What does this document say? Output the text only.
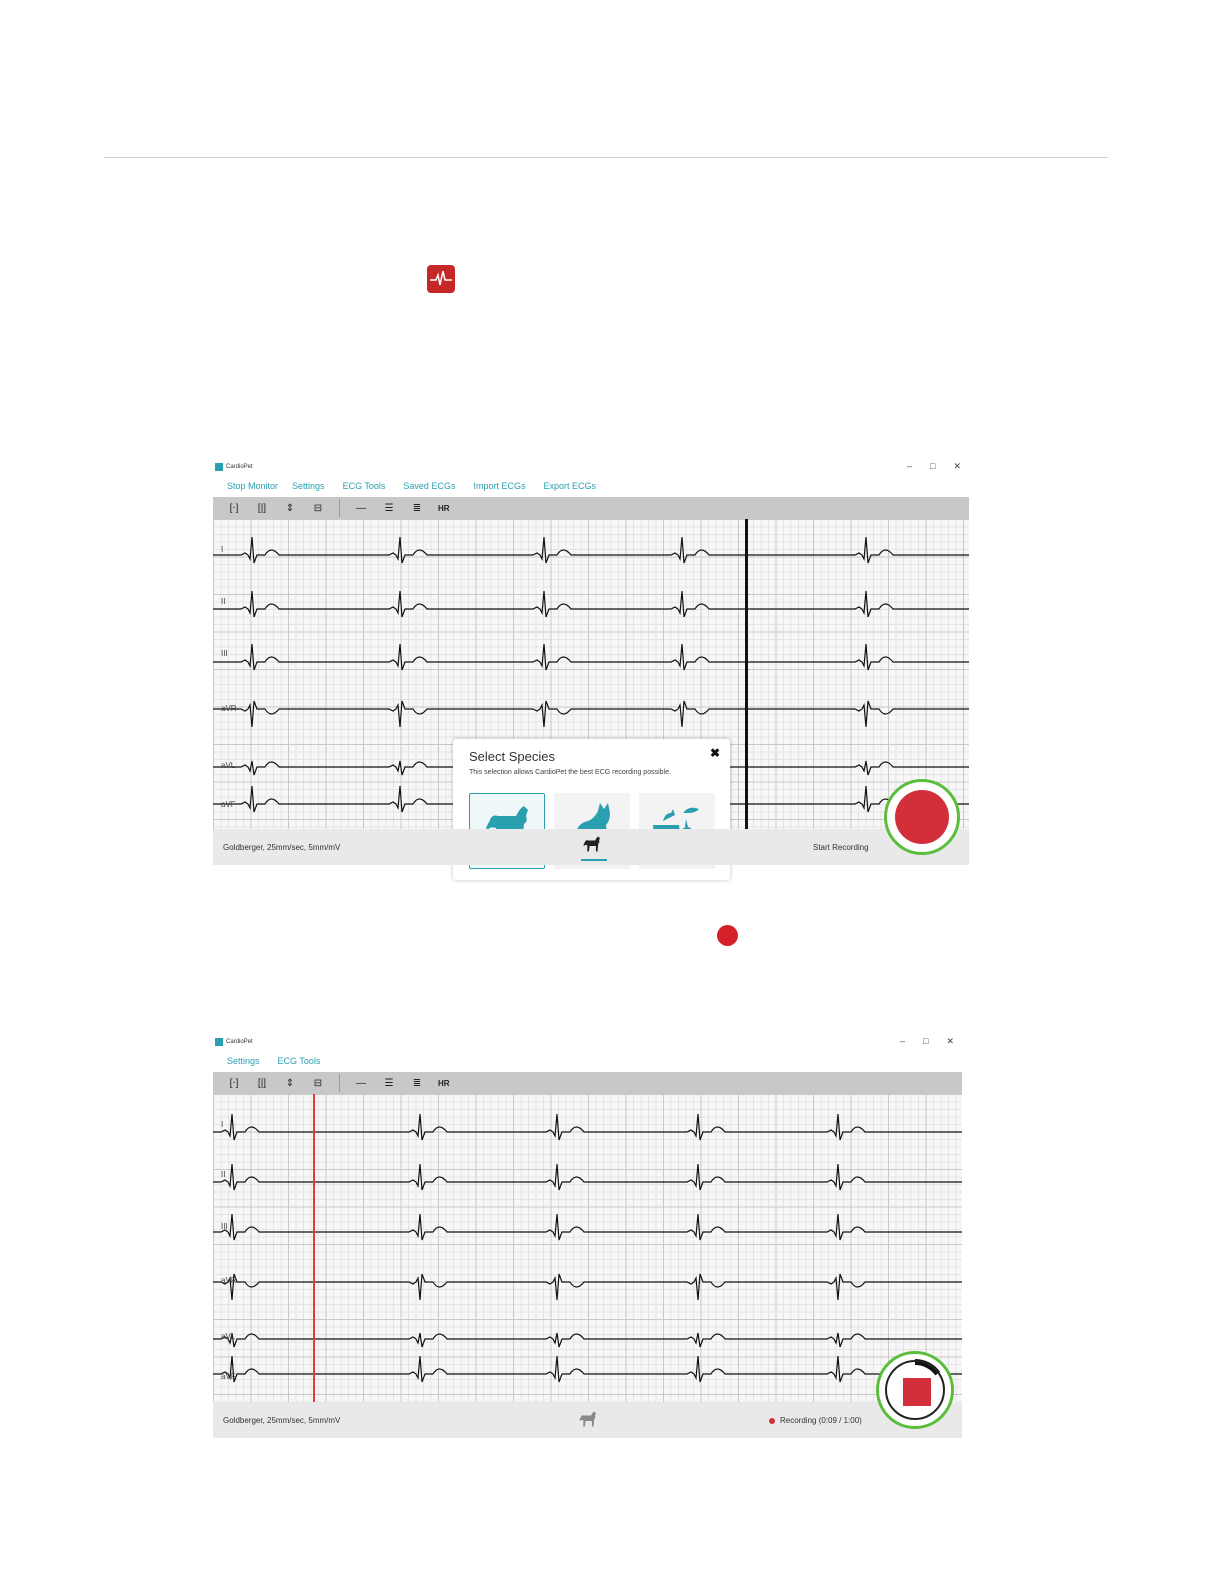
CardioPet	– □ ✕
Stop Monitor Settings ECG Tools Saved ECGs Import ECGs Export ECGs
[‧] [|] ⇕ ⊟	— ☰ ≣	HR
I
II
III
aVR
aVL
aVF
Select Species
This selection allows CardioPet the best ECG recording possible.
✖
Goldberger, 25mm/sec, 5mm/mV	Start Recording
CardioPet	– □ ✕
Settings ECG Tools
[‧] [|] ⇕ ⊟	— ☰ ≣	HR
I
II
III
aVR
aVL
aVF
Goldberger, 25mm/sec, 5mm/mV	Recording (0:09 / 1:00)
